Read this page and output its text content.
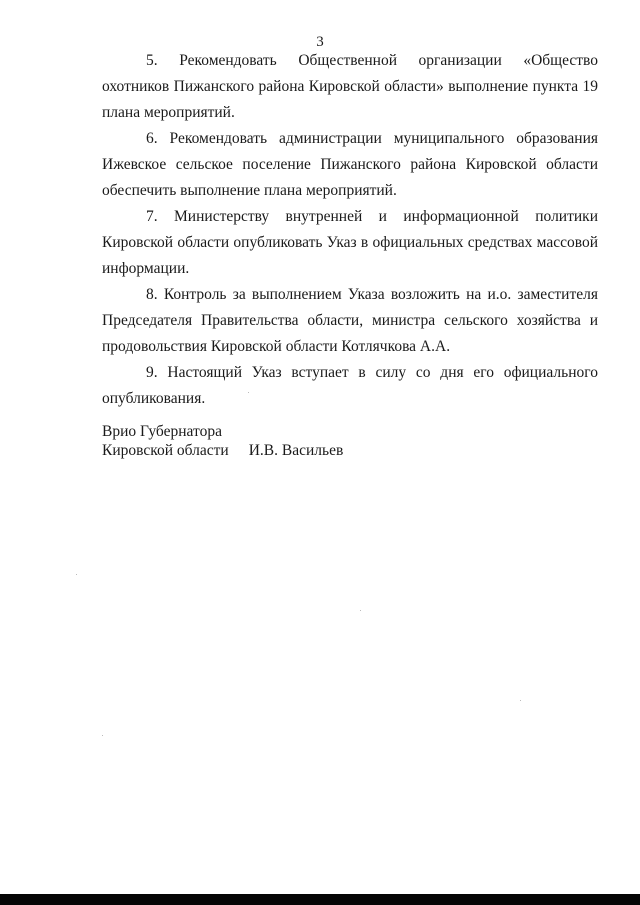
3

5. Рекомендовать Общественной организации «Общество охотников Пижанского района Кировской области» выполнение пункта 19 плана мероприятий.

6. Рекомендовать администрации муниципального образования Ижевское сельское поселение Пижанского района Кировской области обеспечить выполнение плана мероприятий.

7. Министерству внутренней и информационной политики Кировской области опубликовать Указ в официальных средствах массовой информации.

8. Контроль за выполнением Указа возложить на и.о. заместителя Председателя Правительства области, министра сельского хозяйства и продовольствия Кировской области Котлячкова А.А.

9. Настоящий Указ вступает в силу со дня его официального опубликования.

Врио Губернатора
Кировской области И.В. Васильев
